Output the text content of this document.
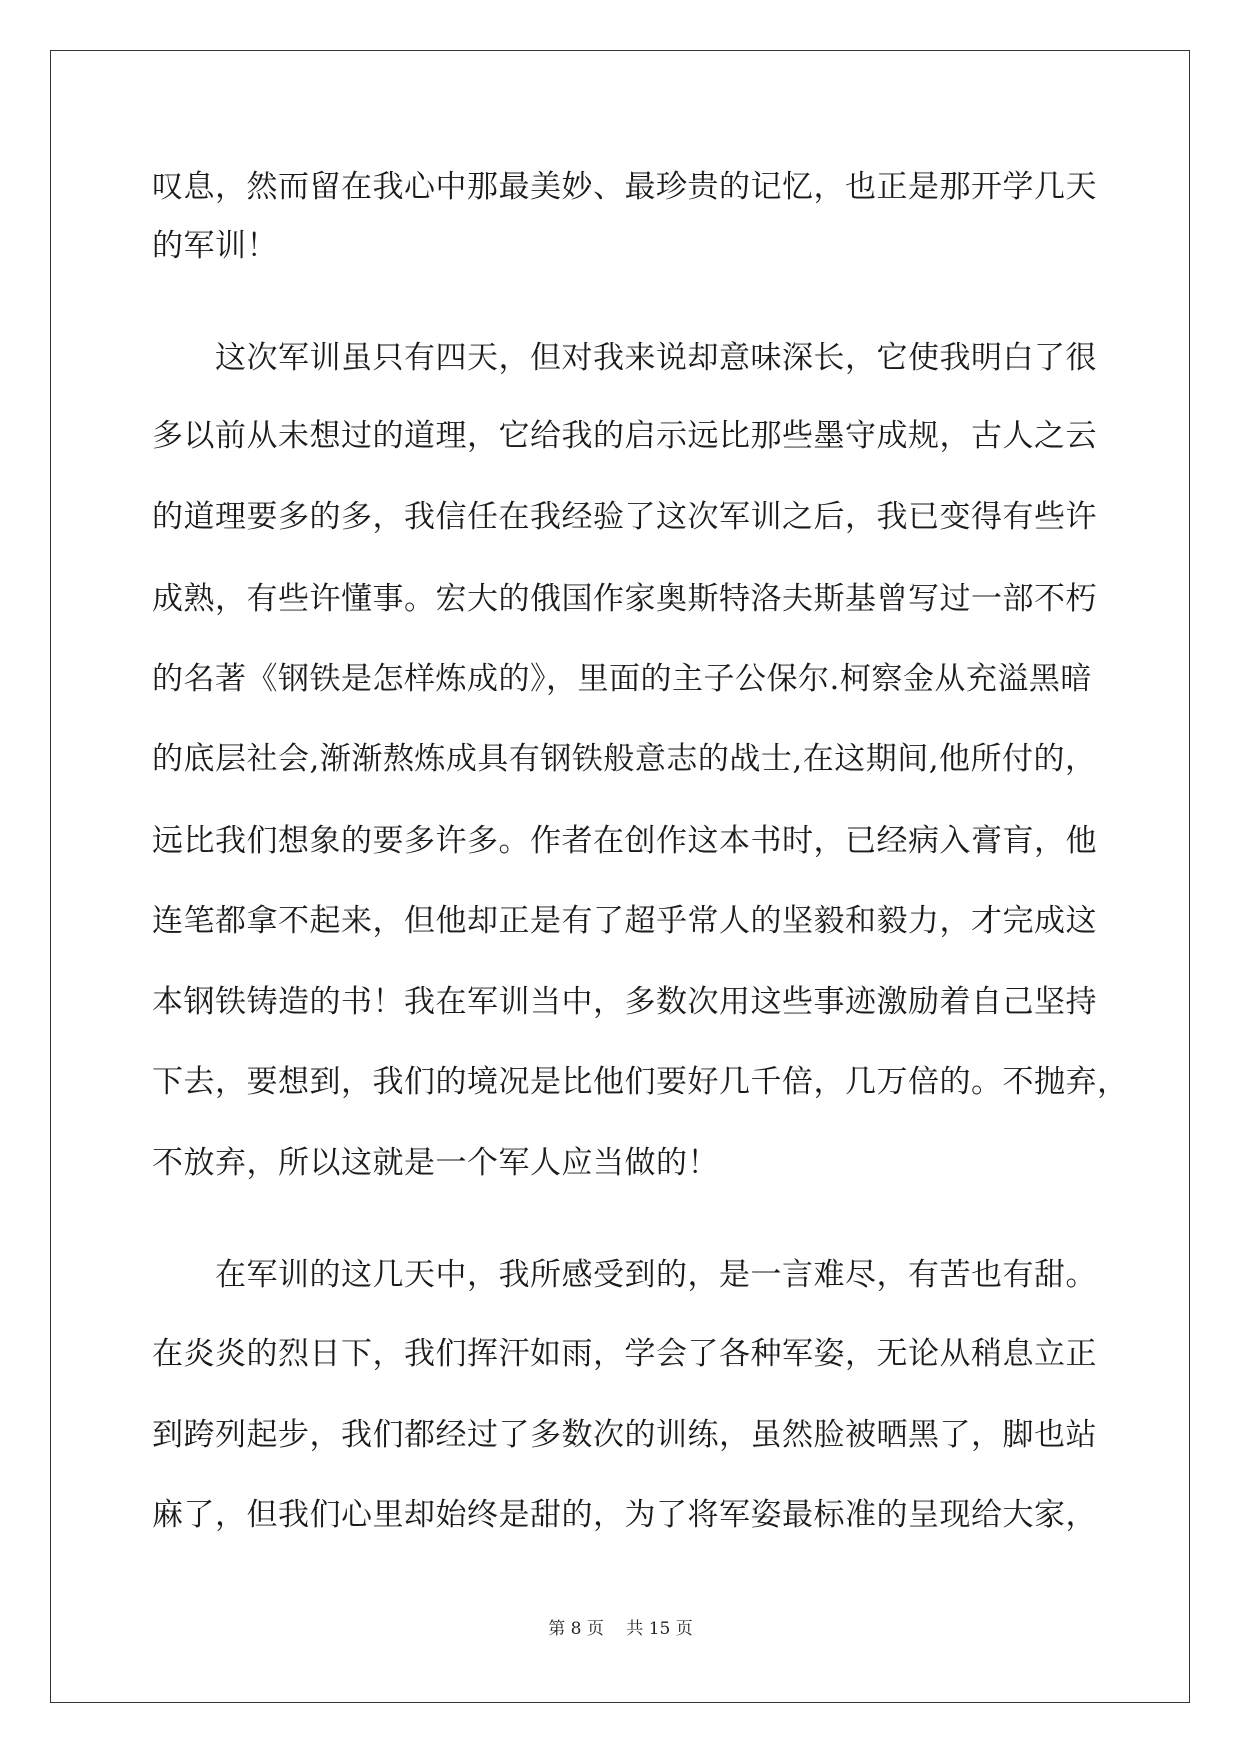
叹息，然而留在我心中那最美妙、最珍贵的记忆，也正是那开学几天
的军训！
　　这次军训虽只有四天，但对我来说却意味深长，它使我明白了很
多以前从未想过的道理，它给我的启示远比那些墨守成规，古人之云
的道理要多的多，我信任在我经验了这次军训之后，我已变得有些许
成熟，有些许懂事。宏大的俄国作家奥斯特洛夫斯基曾写过一部不朽
的名著《钢铁是怎样炼成的》，里面的主子公保尔.柯察金从充溢黑暗
的底层社会,渐渐熬炼成具有钢铁般意志的战士,在这期间,他所付的，
远比我们想象的要多许多。作者在创作这本书时，已经病入膏肓，他
连笔都拿不起来，但他却正是有了超乎常人的坚毅和毅力，才完成这
本钢铁铸造的书！我在军训当中，多数次用这些事迹激励着自己坚持
下去，要想到，我们的境况是比他们要好几千倍，几万倍的。不抛弃，
不放弃，所以这就是一个军人应当做的！
　　在军训的这几天中，我所感受到的，是一言难尽，有苦也有甜。
在炎炎的烈日下，我们挥汗如雨，学会了各种军姿，无论从稍息立正
到跨列起步，我们都经过了多数次的训练，虽然脸被晒黑了，脚也站
麻了，但我们心里却始终是甜的，为了将军姿最标准的呈现给大家，
第 8 页　 共 15 页
